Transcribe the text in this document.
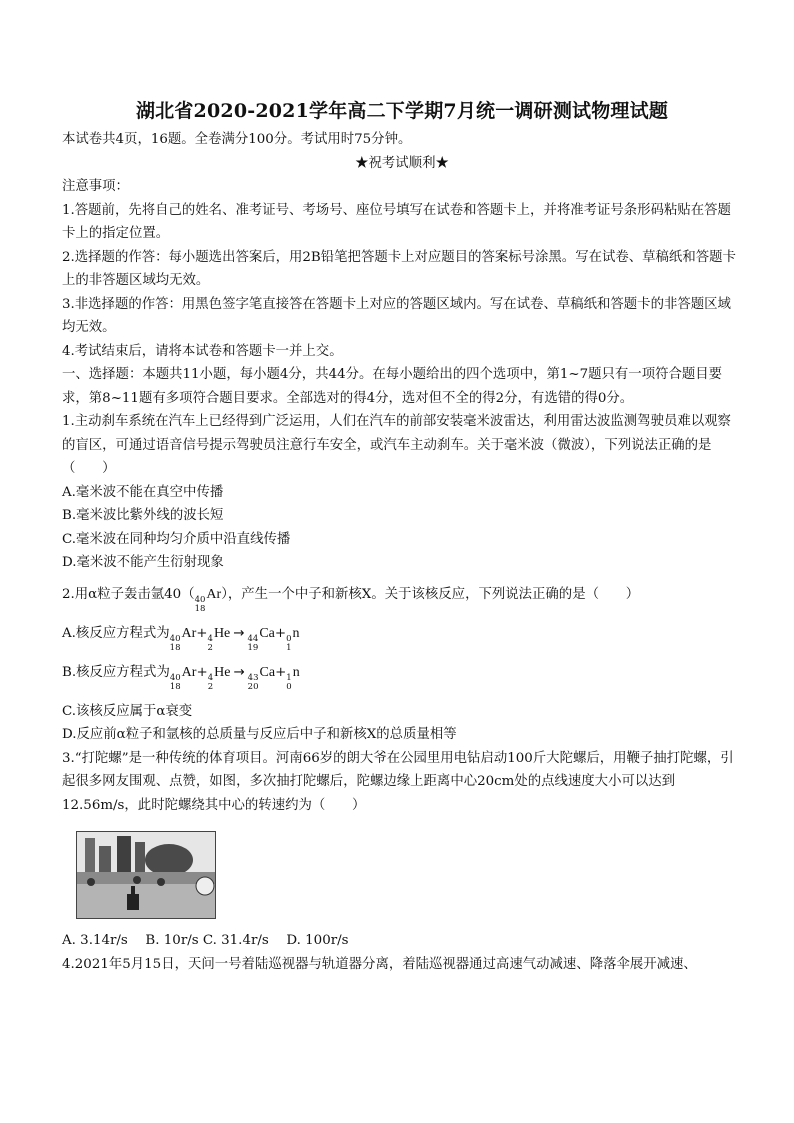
湖北省2020-2021学年高二下学期7月统一调研测试物理试题

本试卷共4页，16题。全卷满分100分。考试用时75分钟。

★祝考试顺利★

注意事项：

1.答题前，先将自己的姓名、准考证号、考场号、座位号填写在试卷和答题卡上，并将准考证号条形码粘贴在答题卡上的指定位置。

2.选择题的作答：每小题选出答案后，用2B铅笔把答题卡上对应题目的答案标号涂黑。写在试卷、草稿纸和答题卡上的非答题区域均无效。

3.非选择题的作答：用黑色签字笔直接答在答题卡上对应的答题区域内。写在试卷、草稿纸和答题卡的非答题区域均无效。

4.考试结束后，请将本试卷和答题卡一并上交。

一、选择题：本题共11小题，每小题4分，共44分。在每小题给出的四个选项中，第1~7题只有一项符合题目要求，第8~11题有多项符合题目要求。全部选对的得4分，选对但不全的得2分，有选错的得0分。

1.主动刹车系统在汽车上已经得到广泛运用，人们在汽车的前部安装毫米波雷达，利用雷达波监测驾驶员难以观察的盲区，可通过语音信号提示驾驶员注意行车安全，或汽车主动刹车。关于毫米波（微波），下列说法正确的是（　　）

A.毫米波不能在真空中传播

B.毫米波比紫外线的波长短

C.毫米波在同种均匀介质中沿直线传播

D.毫米波不能产生衍射现象

2.用α粒子轰击氩40（ 40
18
Ar），产生一个中子和新核X。关于该核反应，下列说法正确的是（　　）

A.核反应方程式为 40
18
Ar+ 4
2
He → 44
19
Ca+ 0
1
n

B.核反应方程式为 40
18
Ar+ 4
2
He → 43
20
Ca+ 1
0
n

C.该核反应属于α衰变

D.反应前α粒子和氩核的总质量与反应后中子和新核X的总质量相等

3.“打陀螺”是一种传统的体育项目。河南66岁的朗大爷在公园里用电钻启动100斤大陀螺后，用鞭子抽打陀螺，引起很多网友围观、点赞，如图，多次抽打陀螺后，陀螺边缘上距离中心20cm处的点线速度大小可以达到12.56m/s，此时陀螺绕其中心的转速约为（　　）

A. 3.14r/s　 B. 10r/s C. 31.4r/s　 D. 100r/s

4.2021年5月15日，天问一号着陆巡视器与轨道器分离，着陆巡视器通过高速气动减速、降落伞展开减速、
